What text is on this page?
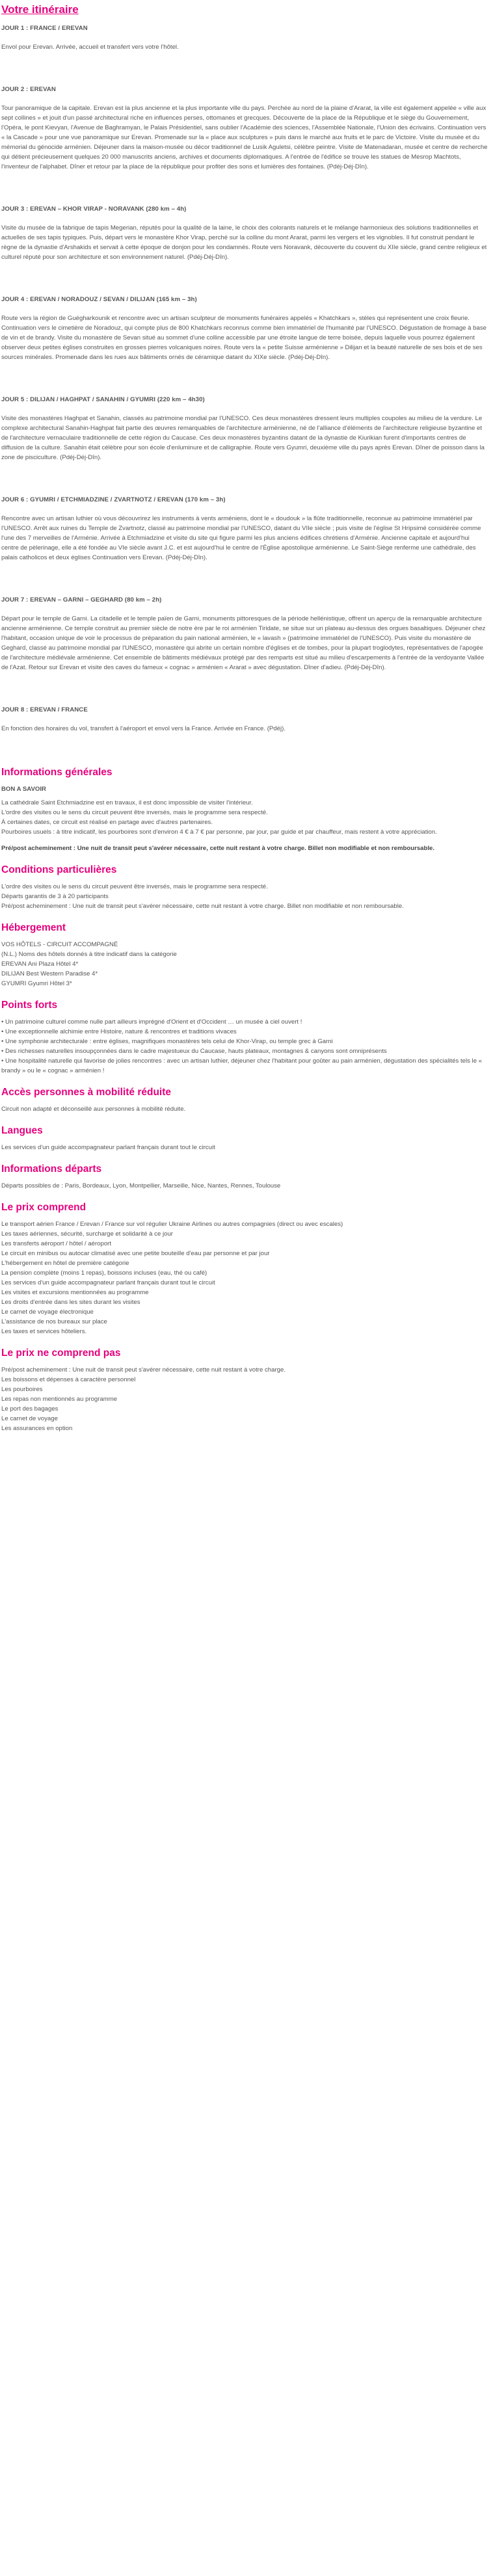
Votre itinéraire
JOUR 1 : FRANCE / EREVAN
Envol pour Erevan. Arrivée, accueil et transfert vers votre l'hôtel.
JOUR 2 : EREVAN
Tour panoramique de la capitale. Erevan est la plus ancienne et la plus importante ville du pays. Perchée au nord de la plaine d'Ararat, la ville est également appelée « ville aux sept collines » et jouit d'un passé architectural riche en influences perses, ottomanes et grecques. Découverte de la place de la République et le siège du Gouvernement, l'Opéra, le pont Kievyan, l'Avenue de Baghramyan, le Palais Présidentiel, sans oublier l'Académie des sciences, l'Assemblée Nationale, l'Union des écrivains. Continuation vers « la Cascade » pour une vue panoramique sur Erevan. Promenade sur la « place aux sculptures » puis dans le marché aux fruits et le parc de Victoire. Visite du musée et du mémorial du génocide arménien. Déjeuner dans la maison-musée ou décor traditionnel de Lusik Aguletsi, célèbre peintre. Visite de Matenadaran, musée et centre de recherche qui détient précieusement quelques 20 000 manuscrits anciens, archives et documents diplomatiques. A l'entrée de l'édifice se trouve les statues de Mesrop Machtots, l'inventeur de l'alphabet. Dîner et retour par la place de la république pour profiter des sons et lumières des fontaines. (Pdéj-Déj-Dîn).
JOUR 3 : EREVAN – KHOR VIRAP - NORAVANK (280 km – 4h)
Visite du musée de la fabrique de tapis Megerian, réputés pour la qualité de la laine, le choix des colorants naturels et le mélange harmonieux des solutions traditionnelles et actuelles de ses tapis typiques. Puis, départ vers le monastère Khor Virap, perché sur la colline du mont Ararat, parmi les vergers et les vignobles. Il fut construit pendant le règne de la dynastie d'Arshakids et servait à cette époque de donjon pour les condamnés. Route vers Noravank, découverte du couvent du XIIe siècle, grand centre religieux et culturel réputé pour son architecture et son environnement naturel. (Pdéj-Déj-Dîn).
JOUR 4 : EREVAN / NORADOUZ / SEVAN / DILIJAN (165 km – 3h)
Route vers la région de Guégharkounik et rencontre avec un artisan sculpteur de monuments funéraires appelés « Khatchkars », stèles qui représentent une croix fleurie. Continuation vers le cimetière de Noradouz, qui compte plus de 800 Khatchkars reconnus comme bien immatériel de l'humanité par l'UNESCO. Dégustation de fromage à base de vin et de brandy. Visite du monastère de Sevan situé au sommet d'une colline accessible par une étroite langue de terre boisée, depuis laquelle vous pourrez également observer deux petites églises construites en grosses pierres volcaniques noires. Route vers la « petite Suisse arménienne » Dilijan et la beauté naturelle de ses bois et de ses sources minérales. Promenade dans les rues aux bâtiments ornés de céramique datant du XIXe siècle. (Pdéj-Déj-Dîn).
JOUR 5 : DILIJAN / HAGHPAT / SANAHIN / GYUMRI (220 km – 4h30)
Visite des monastères Haghpat et Sanahin, classés au patrimoine mondial par l'UNESCO. Ces deux monastères dressent leurs multiples coupoles au milieu de la verdure. Le complexe architectural Sanahin-Haghpat fait partie des œuvres remarquables de l'architecture arménienne, né de l'alliance d'éléments de l'architecture religieuse byzantine et de l'architecture vernaculaire traditionnelle de cette région du Caucase. Ces deux monastères byzantins datant de la dynastie de Kiurikian furent d'importants centres de diffusion de la culture. Sanahin était célèbre pour son école d'enluminure et de calligraphie. Route vers Gyumri, deuxième ville du pays après Erevan. Dîner de poisson dans la zone de pisciculture. (Pdéj-Déj-Dîn).
JOUR 6 : GYUMRI / ETCHMIADZINE / ZVARTNOTZ / EREVAN (170 km – 3h)
Rencontre avec un artisan luthier où vous découvrirez les instruments à vents arméniens, dont le « doudouk » la flûte traditionnelle, reconnue au patrimoine immatériel par l'UNESCO. Arrêt aux ruines du Temple de Zvartnotz, classé au patrimoine mondial par l'UNESCO, datant du VIIe siècle ; puis visite de l'église St Hripsimé considérée comme l'une des 7 merveilles de l'Arménie. Arrivée à Etchmiadzine et visite du site qui figure parmi les plus anciens édifices chrétiens d'Arménie. Ancienne capitale et aujourd'hui centre de pèlerinage, elle a été fondée au VIe siècle avant J.C. et est aujourd'hui le centre de l'Église apostolique arménienne. Le Saint-Siège renferme une cathédrale, des palais catholicos et deux églises Continuation vers Erevan. (Pdéj-Déj-Dîn).
JOUR 7 : EREVAN – GARNI – GEGHARD (80 km – 2h)
Départ pour le temple de Garni. La citadelle et le temple païen de Garni, monuments pittoresques de la période hellénistique, offrent un aperçu de la remarquable architecture ancienne arménienne. Ce temple construit au premier siècle de notre ère par le roi arménien Tiridate, se situe sur un plateau au-dessus des orgues basaltiques. Déjeuner chez l'habitant, occasion unique de voir le processus de préparation du pain national arménien, le « lavash » (patrimoine immatériel de l'UNESCO). Puis visite du monastère de Geghard, classé au patrimoine mondial par l'UNESCO, monastère qui abrite un certain nombre d'églises et de tombes, pour la plupart troglodytes, représentatives de l'apogée de l'architecture médiévale arménienne. Cet ensemble de bâtiments médiévaux protégé par des remparts est situé au milieu d'escarpements à l'entrée de la verdoyante Vallée de l'Azat. Retour sur Erevan et visite des caves du fameux « cognac » arménien « Ararat » avec dégustation. Dîner d'adieu. (Pdéj-Déj-Dîn).
JOUR 8 : EREVAN / FRANCE
En fonction des horaires du vol, transfert à l'aéroport et envol vers la France. Arrivée en France. (Pdéj).
Informations générales
BON A SAVOIR
La cathédrale Saint Etchmiadzine est en travaux, il est donc impossible de visiter l'intérieur.
L'ordre des visites ou le sens du circuit peuvent être inversés, mais le programme sera respecté.
À certaines dates, ce circuit est réalisé en partage avec d'autres partenaires.
Pourboires usuels : à titre indicatif, les pourboires sont d'environ 4 € à 7 € par personne, par jour, par guide et par chauffeur, mais restent à votre appréciation.

Pré/post acheminement : Une nuit de transit peut s'avérer nécessaire, cette nuit restant à votre charge. Billet non modifiable et non remboursable.

Conditions particulières
L'ordre des visites ou le sens du circuit peuvent être inversés, mais le programme sera respecté.
Départs garantis de 3 à 20 participants
Pré/post acheminement : Une nuit de transit peut s'avérer nécessaire, cette nuit restant à votre charge. Billet non modifiable et non remboursable.
Hébergement
VOS HÔTELS - CIRCUIT ACCOMPAGNÉ
(N.L.) Noms des hôtels donnés à titre indicatif dans la catégorie
EREVAN Ani Plaza Hôtel 4*
DILIJAN Best Western Paradise 4*
GYUMRI Gyumri Hôtel 3*
Points forts
• Un patrimoine culturel comme nulle part ailleurs imprégné d'Orient et d'Occident … un musée à ciel ouvert !
• Une exceptionnelle alchimie entre Histoire, nature & rencontres et traditions vivaces
• Une symphonie architecturale : entre églises, magnifiques monastères tels celui de Khor-Virap, ou temple grec à Garni
• Des richesses naturelles insoupçonnées dans le cadre majestueux du Caucase, hauts plateaux, montagnes & canyons sont omniprésents
• Une hospitalité naturelle qui favorise de jolies rencontres : avec un artisan luthier, déjeuner chez l'habitant pour goûter au pain arménien, dégustation des spécialités tels le « brandy » ou le « cognac » arménien !
Accès personnes à mobilité réduite

Circuit non adapté et déconseillé aux personnes à mobilité réduite.

Langues

Les services d'un guide accompagnateur parlant français durant tout le circuit

Informations départs

Départs possibles de : Paris, Bordeaux, Lyon, Montpellier, Marseille, Nice, Nantes, Rennes, Toulouse

Le prix comprend
Le transport aérien France / Erevan / France sur vol régulier Ukraine Airlines ou autres compagnies (direct ou avec escales)
Les taxes aériennes, sécurité, surcharge et solidarité à ce jour
Les transferts aéroport / hôtel / aéroport
Le circuit en minibus ou autocar climatisé avec une petite bouteille d'eau par personne et par jour
L'hébergement en hôtel de première catégorie
La pension complète (moins 1 repas), boissons incluses (eau, thé ou café)
Les services d'un guide accompagnateur parlant français durant tout le circuit
Les visites et excursions mentionnées au programme
Les droits d'entrée dans les sites durant les visites
Le carnet de voyage électronique
L'assistance de nos bureaux sur place
Les taxes et services hôteliers.
Le prix ne comprend pas
Pré/post acheminement : Une nuit de transit peut s'avérer nécessaire, cette nuit restant à votre charge.
Les boissons et dépenses à caractère personnel
Les pourboires
Les repas non mentionnés au programme
Le port des bagages
Le carnet de voyage
Les assurances en option
